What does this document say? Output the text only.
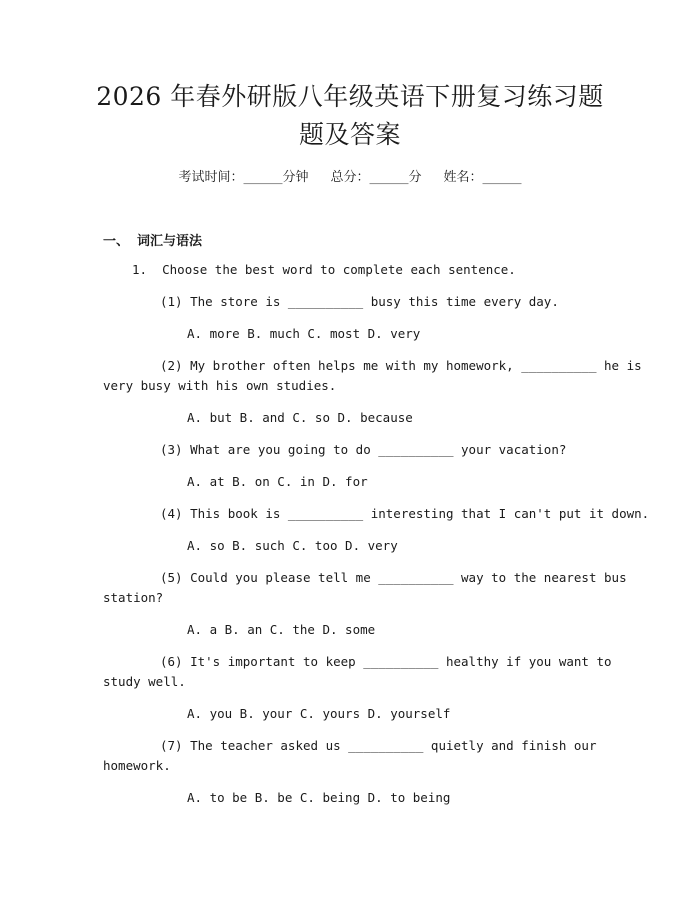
2026 年春外研版八年级英语下册复习练习题
题及答案
考试时间：______分钟 总分：______分 姓名：______
一、 词汇与语法
1. Choose the best word to complete each sentence.
(1) The store is __________ busy this time every day.
A. more B. much C. most D. very
(2) My brother often helps me with my homework, __________ he is
very busy with his own studies.
A. but B. and C. so D. because
(3) What are you going to do __________ your vacation?
A. at B. on C. in D. for
(4) This book is __________ interesting that I can't put it down.
A. so B. such C. too D. very
(5) Could you please tell me __________ way to the nearest bus
station?
A. a B. an C. the D. some
(6) It's important to keep __________ healthy if you want to
study well.
A. you B. your C. yours D. yourself
(7) The teacher asked us __________ quietly and finish our
homework.
A. to be B. be C. being D. to being
